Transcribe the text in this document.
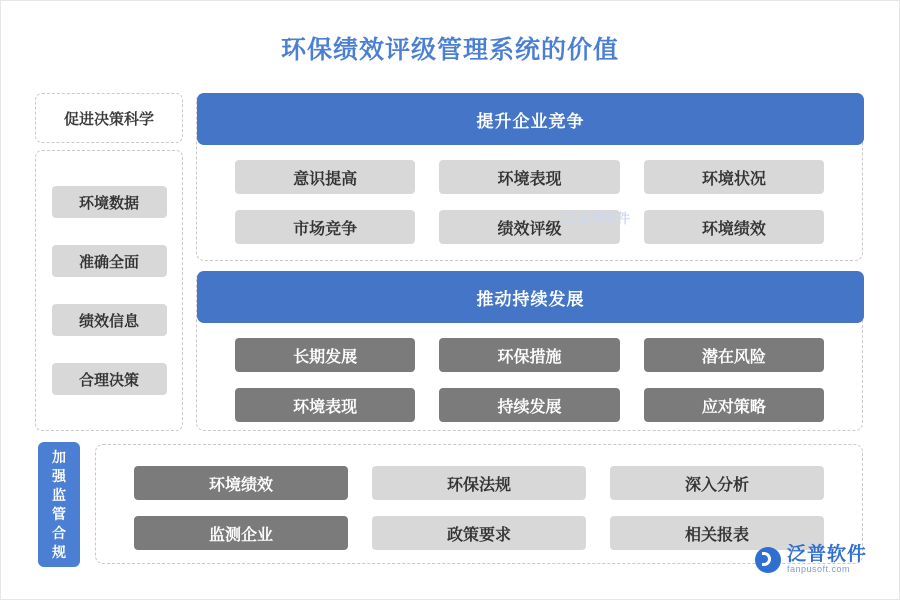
环保绩效评级管理系统的价值
促进决策科学
环境数据
准确全面
绩效信息
合理决策
加强监管合规
提升企业竞争
意识提高	环境表现	环境状况
市场竞争	绩效评级	环境绩效
推动持续发展
长期发展	环保措施	潜在风险
环境表现	持续发展	应对策略
环境绩效	环保法规	深入分析
监测企业	政策要求	相关报表
泛普软件
泛普软件
fanpusoft.com
